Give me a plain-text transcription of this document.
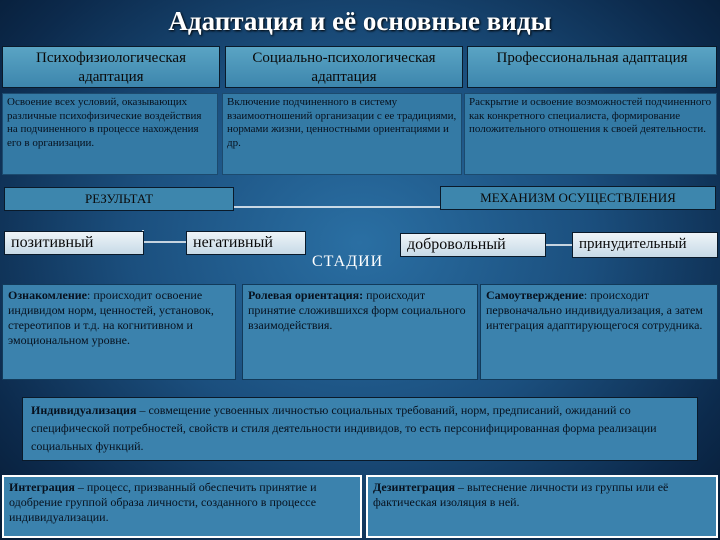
Адаптация и её основные виды
Психофизиологическая адаптация
Социально-психологическая адаптация
Профессиональная адаптация
Освоение всех условий, оказывающих различные психофизические воздействия на подчиненного в процессе нахождения его в организации.
Включение подчиненного в систему взаимоотношений организации с ее традициями, нормами жизни, ценностными ориентациями и др.
Раскрытие и освоение возможностей подчиненного как конкретного специалиста, формирование положительного отношения к своей деятельности.
РЕЗУЛЬТАТ	МЕХАНИЗМ ОСУЩЕСТВЛЕНИЯ
позитивный	негативный	добровольный	принудительный
СТАДИИ
Ознакомление: происходит освоение индивидом норм, ценностей, установок, стереотипов и т.д. на когнитивном и эмоциональном уровне.
Ролевая ориентация: происходит принятие сложившихся форм социального взаимодействия.
Самоутверждение: происходит первоначально индивидуализация, а затем интеграция адаптирующегося сотрудника.
Индивидуализация – совмещение усвоенных личностью социальных требований, норм, предписаний, ожиданий со специфической потребностей, свойств и стиля деятельности индивидов, то есть персонифицированная форма реализации социальных функций.
Интеграция – процесс, призванный обеспечить принятие и одобрение группой образа личности, созданного в процессе индивидуализации.
Дезинтеграция – вытеснение личности из группы или её фактическая изоляция в ней.
